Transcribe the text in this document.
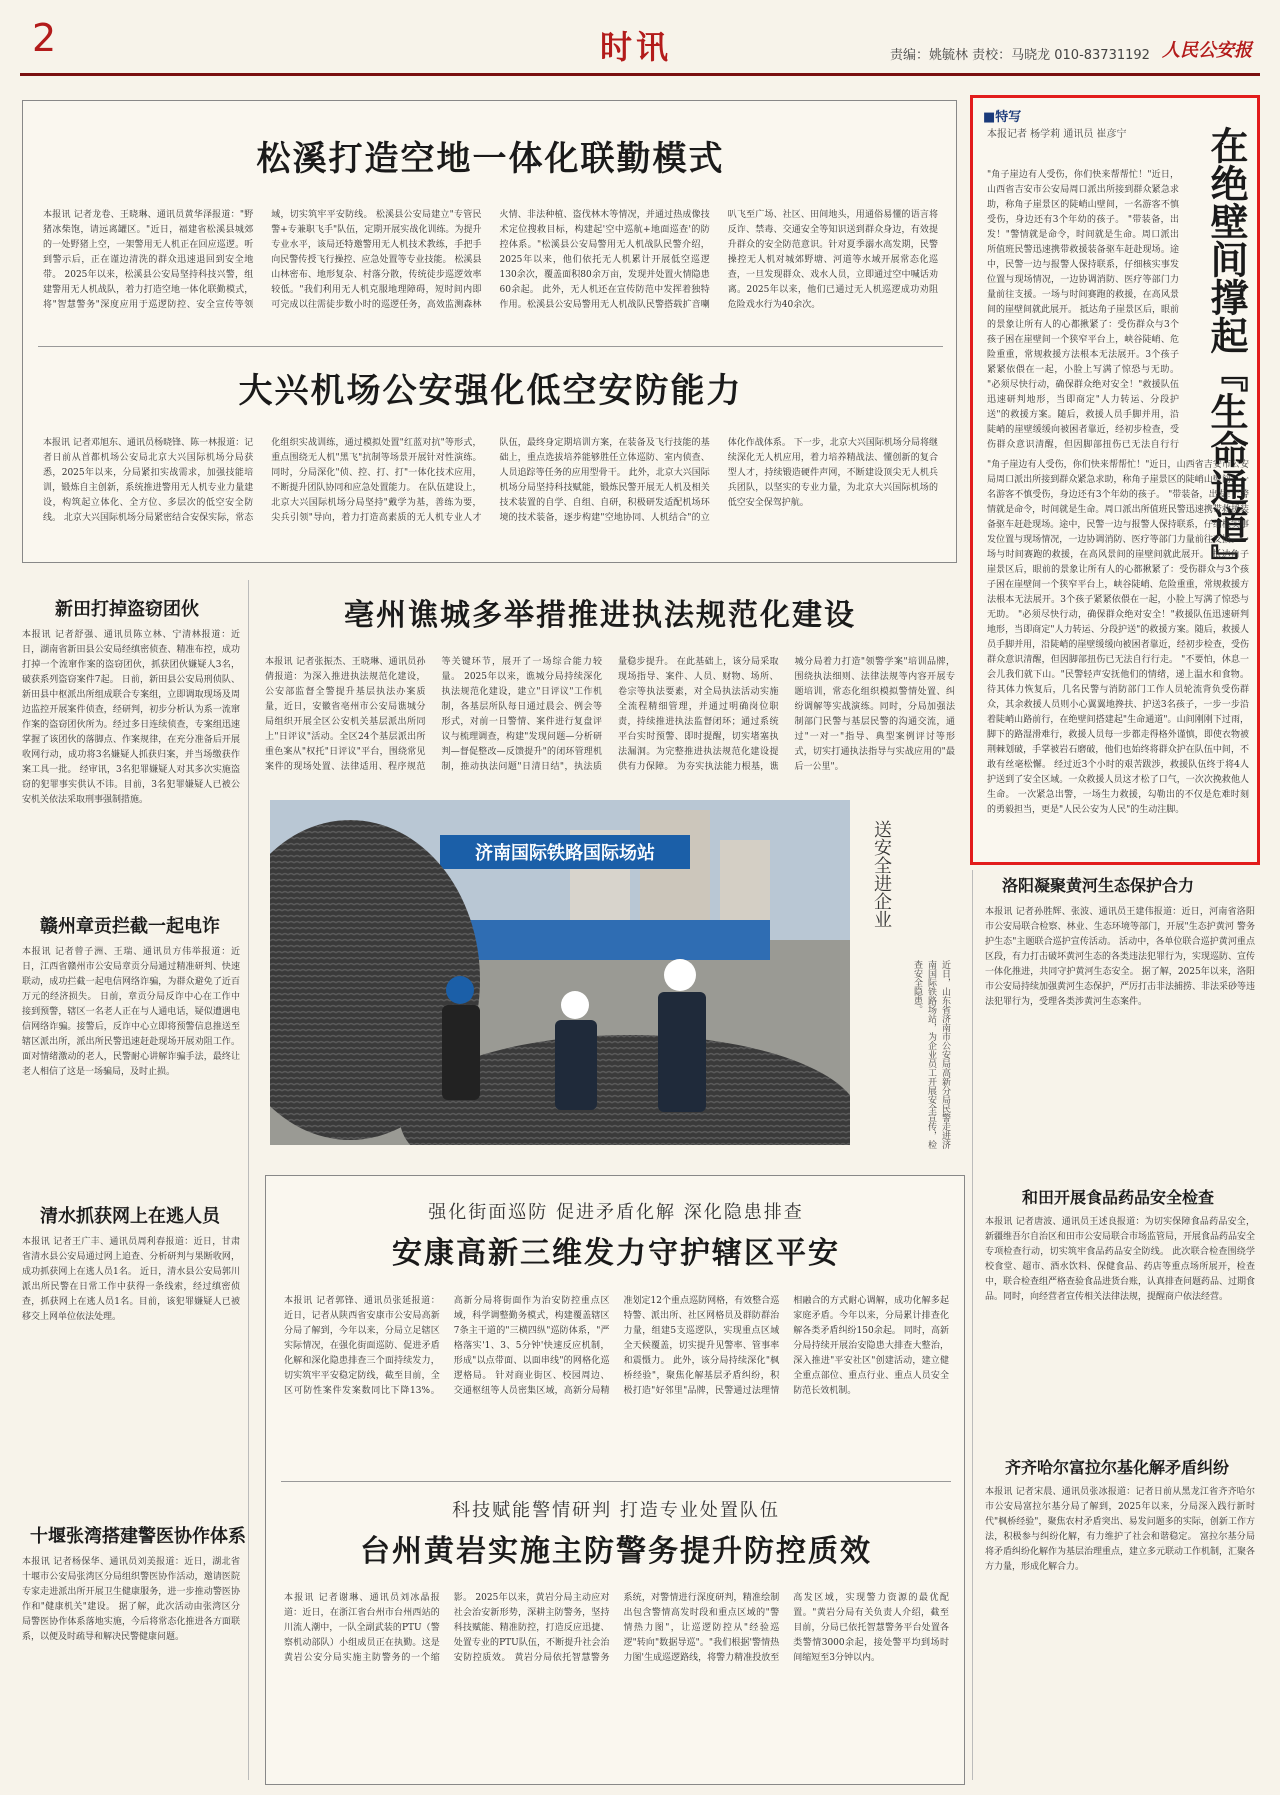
2	时讯	责编：姚毓林 责校：马晓龙 010-83731192 人民公安报
松溪打造空地一体化联勤模式
本报讯 记者龙卷、王晓琳、通讯员黄华泽报道："野猪冰柴饱，请远离罐区。"近日，福建省松溪县城郊的一处野猪上空，一架警用无人机正在回应巡逻。听到警示后，正在谨边清洗的群众迅速退回到安全地带。 2025年以来，松溪县公安局坚持科技兴警，组建警用无人机战队，着力打造空地一体化联勤模式，将"智慧警务"深度应用于巡逻防控、安全宣传等领域，切实筑牢平安防线。 松溪县公安局建立"专管民警+专兼职飞手"队伍，定期开展实战化训练。为提升专业水平，该局还特邀警用无人机技术教练，手把手向民警传授飞行操控、应急处置等专业技能。 松溪县山林密布、地形复杂、村落分散，传统徒步巡逻效率较低。"我们利用无人机克服地理障碍，短时间内即可完成以往需徒步数小时的巡逻任务，高效监测森林火情、非法种植、盗伐林木等情况，并通过热成像技术定位搜救目标，构建起'空中巡航+地面巡查'的防控体系。"松溪县公安局警用无人机战队民警介绍，2025年以来，他们依托无人机累计开展低空巡逻130余次，覆盖面积80余万亩，发现并处置火情隐患60余起。 此外，无人机还在宣传防范中发挥着独特作用。松溪县公安局警用无人机战队民警搭载扩音喇叭飞至广场、社区、田间地头，用通俗易懂的语言将反诈、禁毒、交通安全等知识送到群众身边，有效提升群众的安全防范意识。针对夏季溺水高发期，民警操控无人机对城郊野塘、河道等水域开展常态化巡查，一旦发现群众、戏水人员，立即通过空中喊话劝离。2025年以来，他们已通过无人机巡逻成功劝阻危险戏水行为40余次。
大兴机场公安强化低空安防能力
本报讯 记者邓旭东、通讯员杨晓锋、陈一林报道：记者日前从首都机场公安局北京大兴国际机场分局获悉，2025年以来，分局紧扣实战需求，加强技能培训，锻炼自主创新，系统推进警用无人机专业力量建设，构筑起立体化、全方位、多层次的低空安全防线。 北京大兴国际机场分局紧密结合安保实际，常态化组织实战训练，通过模拟处置"红蓝对抗"等形式，重点围绕无人机"黑飞"抗制等场景开展针对性演练。同时，分局深化"侦、控、打、打"一体化技术应用，不断提升团队协同和应急处置能力。 在队伍建设上，北京大兴国际机场分局坚持"戴学为基，善练为要，尖兵引领"导向，着力打造高素质的无人机专业人才队伍，最终身定期培训方案，在装备及飞行技能的基础上，重点选拔培养能够胜任立体巡防、室内侦查、人员追踪等任务的应用型骨干。 此外，北京大兴国际机场分局坚持科技赋能，锻炼民警开展无人机及相关技术装置的自学、自组、自研，积极研发适配机场环境的技术装备，逐步构建"空地协同、人机结合"的立体化作战体系。 下一步，北京大兴国际机场分局将继续深化无人机应用，着力培养精战法、懂创新的复合型人才，持续锻造硬件声网，不断建设顶尖无人机兵兵团队，以坚实的专业力量，为北京大兴国际机场的低空安全保驾护航。
■特写
本报记者 杨学莉 通讯员 崔彦宁	在绝壁间撑起『生命通道』
"角子崖边有人受伤，你们快来帮帮忙！"近日，山西省吉安市公安局周口派出所接到群众紧急求助，称角子崖景区的陡峭山壁间，一名游客不慎受伤，身边还有3个年幼的孩子。 "带装备，出发！"警情就是命令，时间就是生命。周口派出所值班民警迅速携带救援装备驱车赶赴现场。途中，民警一边与报警人保持联系，仔细核实事发位置与现场情况，一边协调消防、医疗等部门力量前往支援。一场与时间赛跑的救援，在高风景间的崖壁间就此展开。 抵达角子崖景区后，眼前的景象让所有人的心都揪紧了：受伤群众与3个孩子困在崖壁间一个狭窄平台上，峡谷陡峭、危险重重，常规救援方法根本无法展开。3个孩子紧紧依偎在一起，小脸上写满了惊恐与无助。 "必须尽快行动，确保群众绝对安全！"救援队伍迅速研判地形，当即商定"人力转运、分段护送"的救援方案。随后，救援人员手脚并用，沿陡峭的崖壁缓缓向被困者靠近，经初步检查，受伤群众意识清醒，但因脚部扭伤已无法自行行
"角子崖边有人受伤，你们快来帮帮忙！"近日，山西省吉安市公安局周口派出所接到群众紧急求助，称角子崖景区的陡峭山壁间，一名游客不慎受伤，身边还有3个年幼的孩子。 "带装备，出发！"警情就是命令，时间就是生命。周口派出所值班民警迅速携带救援装备驱车赶赴现场。途中，民警一边与报警人保持联系，仔细核实事发位置与现场情况，一边协调消防、医疗等部门力量前往支援。一场与时间赛跑的救援，在高风景间的崖壁间就此展开。 抵达角子崖景区后，眼前的景象让所有人的心都揪紧了：受伤群众与3个孩子困在崖壁间一个狭窄平台上，峡谷陡峭、危险重重，常规救援方法根本无法展开。3个孩子紧紧依偎在一起，小脸上写满了惊恐与无助。 "必须尽快行动，确保群众绝对安全！"救援队伍迅速研判地形，当即商定"人力转运、分段护送"的救援方案。随后，救援人员手脚并用，沿陡峭的崖壁缓缓向被困者靠近，经初步检查，受伤群众意识清醒，但因脚部扭伤已无法自行行走。 "不要怕，休息一会儿我们就下山。"民警轻声安抚他们的情绪，递上温水和食物。待其体力恢复后，几名民警与消防部门工作人员轮流背负受伤群众，其余救援人员则小心翼翼地搀扶、护送3名孩子，一步一步沿着陡峭山路前行，在绝壁间搭建起"生命通道"。山间刚刚下过雨，脚下的路湿滑难行，救援人员每一步都走得格外谨慎，即使衣物被荆棘划破，手掌被岩石磨破，他们也始终将群众护在队伍中间，不敢有丝毫松懈。 经过近3个小时的艰苦跋涉，救援队伍终于将4人护送到了安全区域。一众救援人员这才松了口气，一次次挽救他人生命。 一次紧急出警，一场生力救援，勾勒出的不仅是危难时刻的勇毅担当，更是"人民公安为人民"的生动注脚。
新田打掉盗窃团伙
本报讯 记者舒强、通讯员陈立林、宁清林报道：近日，湖南省新田县公安局经缜密侦查、精准布控，成功打掉一个流窜作案的盗窃团伙，抓获团伙嫌疑人3名，破获系列盗窃案件7起。 日前，新田县公安局刑侦队、新田县中枢派出所组成联合专案组，立即调取现场及周边监控开展案件侦查，经研判，初步分析认为系一流窜作案的盗窃团伙所为。经过多日连续侦查，专案组迅速掌握了该团伙的落脚点、作案规律，在充分准备后开展收网行动，成功将3名嫌疑人抓获归案，并当场缴获作案工具一批。 经审讯，3名犯罪嫌疑人对其多次实施盗窃的犯罪事实供认不讳。目前，3名犯罪嫌疑人已被公安机关依法采取刑事强制措施。
赣州章贡拦截一起电诈
本报讯 记者曾子洲、王瑞、通讯员方伟举报道：近日，江西省赣州市公安局章贡分局通过精准研判、快速联动，成功拦截一起电信网络诈骗，为群众避免了近百万元的经济损失。 日前，章贡分局反诈中心在工作中接到预警，辖区一名老人正在与人通电话，疑似遭遇电信网络诈骗。接警后，反诈中心立即将预警信息推送至辖区派出所，派出所民警迅速赶赴现场开展劝阻工作。面对情绪激动的老人，民警耐心讲解诈骗手法，最终让老人相信了这是一场骗局，及时止损。
清水抓获网上在逃人员
本报讯 记者王广丰、通讯员周利春报道：近日，甘肃省清水县公安局通过网上追查、分析研判与果断收网，成功抓获网上在逃人员1名。 近日，清水县公安局郭川派出所民警在日常工作中获得一条线索，经过缜密侦查，抓获网上在逃人员1名。目前，该犯罪嫌疑人已被移交上网单位依法处理。
十堰张湾搭建警医协作体系
本报讯 记者杨保华、通讯员刘美报道：近日，湖北省十堰市公安局张湾区分局组织警医协作活动，邀请医院专家走进派出所开展卫生健康服务，进一步推动警医协作和"健康机关"建设。 据了解，此次活动由张湾区分局警医协作体系落地实施，今后将常态化推进各方面联系，以便及时疏导和解决民警健康问题。
亳州谯城多举措推进执法规范化建设
本报讯 记者张振杰、王晓琳、通讯员孙倩报道：为深入推进执法规范化建设，公安部监督全警提升基层执法办案质量，近日，安徽省亳州市公安局谯城分局组织开展全区公安机关基层派出所同上"日评议"活动。全区24个基层派出所重色案从"权托"日评议"平台，围绕常见案件的现场处置、法律适用、程序规范等关键环节，展开了一场综合能力较量。 2025年以来，谯城分局持续深化执法规范化建设，建立"日评议"工作机制，各基层所队每日通过晨会、例会等形式，对前一日警情、案件进行复盘评议与梳理调查，构建"发现问题—分析研判—督促整改—反馈提升"的闭环管理机制，推动执法问题"日清日结"，执法质量稳步提升。 在此基础上，该分局采取现场指导、案件、人员、财物、场所、卷宗等执法要素，对全局执法活动实施全流程精细管理，并通过明确岗位职责，持续推进执法监督闭环；通过系统平台实时预警、即时提醒，切实堵塞执法漏洞。为完整推进执法规范化建设提供有力保障。 为夯实执法能力根基，谯城分局着力打造"领警学案"培训品牌，围绕执法细则、法律法规等内容开展专题培训，常态化组织模拟警情处置、纠纷调解等实战演练。同时，分局加强法制部门民警与基层民警的沟通交流，通过"一对一"指导、典型案例评讨等形式，切实打通执法指导与实战应用的"最后一公里"。
济南国际铁路国际场站	送安全进企业
近日，山东省济南市公安局高新分局民警走进济南国际铁路场站，为企业员工开展安全宣传，检查安全隐患。
强化街面巡防 促进矛盾化解 深化隐患排查
安康高新三维发力守护辖区平安
本报讯 记者郭锋、通讯员张延报道：近日，记者从陕西省安康市公安局高新分局了解到，今年以来，分局立足辖区实际情况，在强化街面巡防、促进矛盾化解和深化隐患排查三个面持续发力，切实筑牢平安稳定防线，截至目前，全区可防性案件发案数同比下降13%。 高新分局将街面作为治安防控重点区域，科学调整勤务模式，构建覆盖辖区7条主干道的"三横四纵"巡防体系，"严格落实'1、3、5分钟'快速反应机制，形成"以点带面、以面串线"的网格化巡逻格局。 针对商业街区、校园周边、交通枢纽等人员密集区域，高新分局精准划定12个重点巡防网格，有效整合巡特警、派出所、社区网格员及群防群治力量，组建5支巡逻队，实现重点区域全天候覆盖，切实提升见警率、管事率和震慑力。 此外，该分局持续深化"枫桥经验"，聚焦化解基层矛盾纠纷，积极打造"好邻里"品牌，民警通过法理情相融合的方式耐心调解，成功化解多起家庭矛盾。今年以来，分局累计排查化解各类矛盾纠纷150余起。 同时，高新分局持续开展治安隐患大排查大整治，深入推进"平安社区"创建活动，建立健全重点部位、重点行业、重点人员安全防范长效机制。
科技赋能警情研判 打造专业处置队伍
台州黄岩实施主防警务提升防控质效
本报讯 记者谢琳、通讯员刘冰晶报道：近日，在浙江省台州市台州西站的川流人潮中，一队全副武装的PTU（警察机动部队）小组成员正在执勤。这是黄岩公安分局实施主防警务的一个缩影。 2025年以来，黄岩分局主动应对社会治安新形势，深耕主防警务，坚持科技赋能、精准防控，打造反应迅捷、处置专业的PTU队伍，不断提升社会治安防控质效。 黄岩分局依托智慧警务系统，对警情进行深度研判，精准绘制出包含警情高发时段和重点区域的"警情热力图"，让巡逻防控从"经验巡逻"转向"数据导巡"。"我们根据'警情热力图'生成巡逻路线，将警力精准投放至高发区域，实现警力资源的最优配置。"黄岩分局有关负责人介绍，截至目前，分局已依托智慧警务平台处置各类警情3000余起，接处警平均到场时间缩短至3分钟以内。
洛阳凝聚黄河生态保护合力
本报讯 记者孙胜辉、张波、通讯员王建伟报道：近日，河南省洛阳市公安局联合检察、林业、生态环境等部门，开展"生态护黄河 警务护生态"主题联合巡护宣传活动。 活动中，各单位联合巡护黄河重点区段，有力打击破坏黄河生态的各类违法犯罪行为，实现巡防、宣传一体化推进，共同守护黄河生态安全。 据了解，2025年以来，洛阳市公安局持续加强黄河生态保护，严厉打击非法捕捞、非法采砂等违法犯罪行为，受理各类涉黄河生态案件。
和田开展食品药品安全检查
本报讯 记者唐波、通讯员王述良报道：为切实保障食品药品安全，新疆维吾尔自治区和田市公安局联合市场监管局，开展食品药品安全专项检查行动，切实筑牢食品药品安全防线。 此次联合检查围绕学校食堂、超市、酒水饮料、保健食品、药店等重点场所展开，检查中，联合检查组严格查验食品进货台账，认真排查问题药品、过期食品。同时，向经营者宣传相关法律法规，提醒商户依法经营。
齐齐哈尔富拉尔基化解矛盾纠纷
本报讯 记者宋晨、通讯员张冰报道：记者日前从黑龙江省齐齐哈尔市公安局富拉尔基分局了解到，2025年以来，分局深入践行新时代"枫桥经验"，聚焦农村矛盾突出、易发问题多的实际，创新工作方法，积极参与纠纷化解，有力维护了社会和谐稳定。 富拉尔基分局将矛盾纠纷化解作为基层治理重点，建立多元联动工作机制，汇聚各方力量，形成化解合力。
